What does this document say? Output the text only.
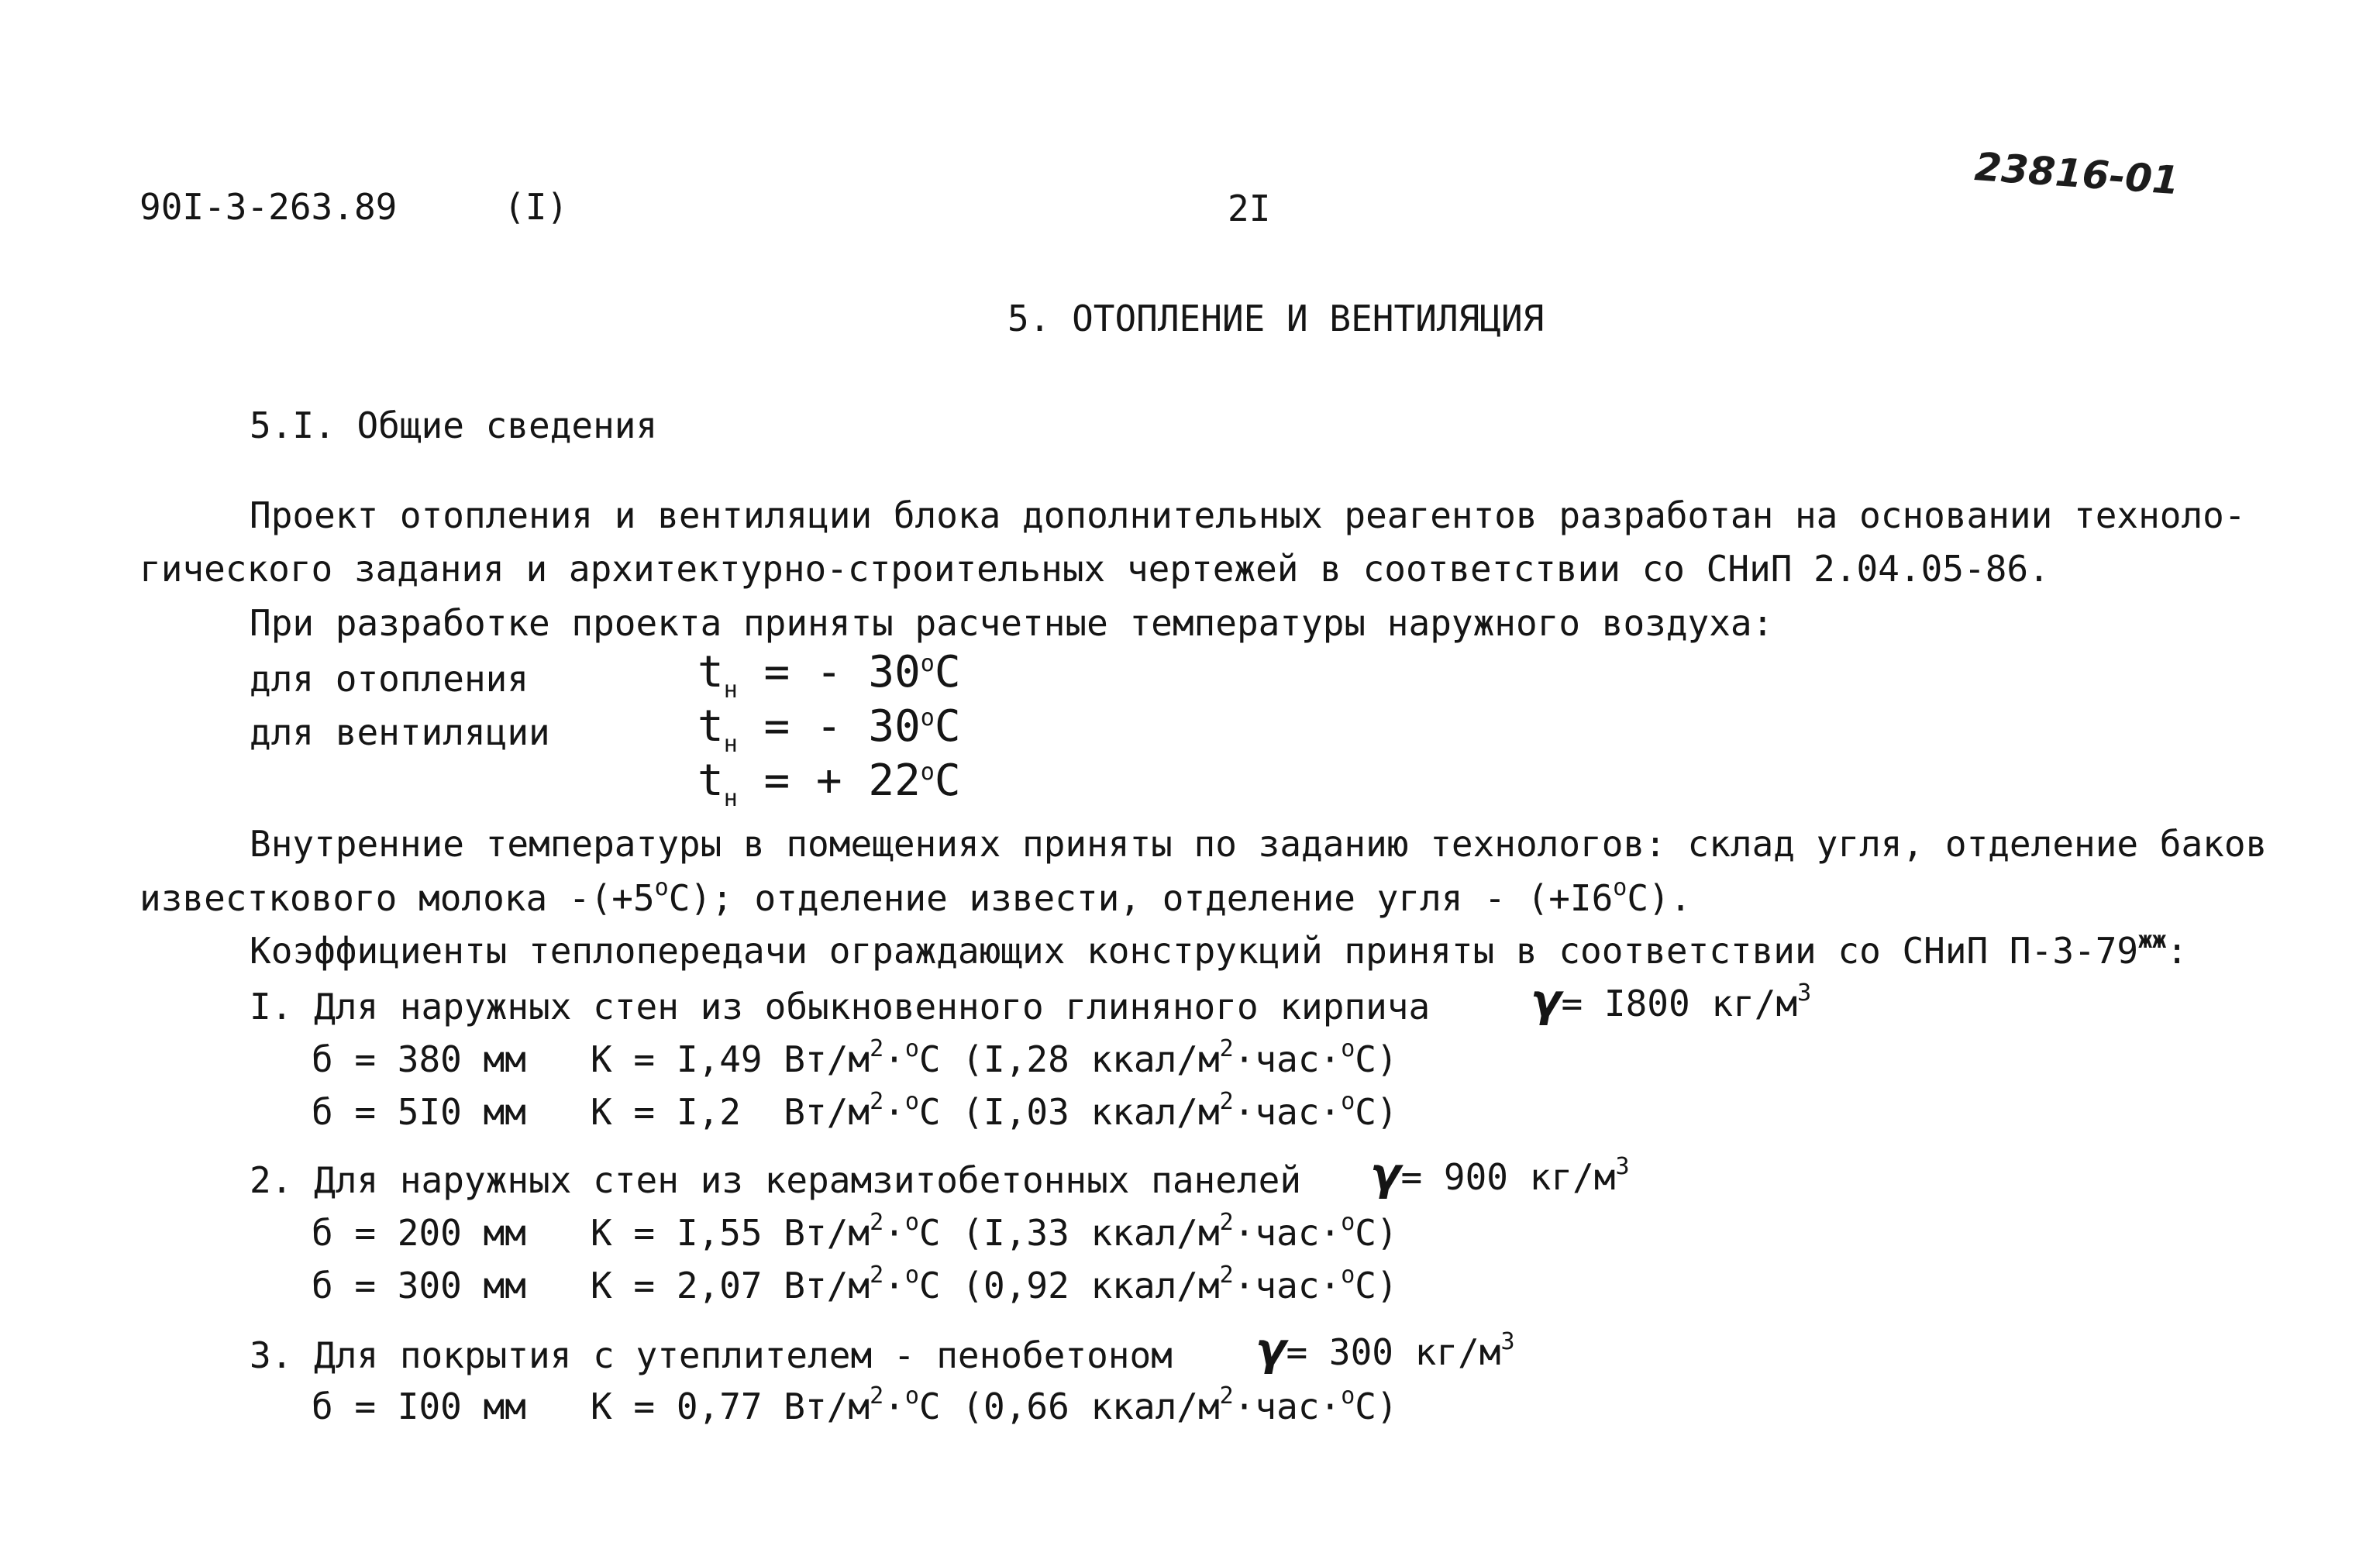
90I-3-263.89	(I)	2I
23816-01
5. ОТОПЛЕНИЕ И ВЕНТИЛЯЦИЯ
5.I. Общие сведения
Проект отопления и вентиляции блока дополнительных реагентов разработан на основании техноло-
гического задания и архитектурно-строительных чертежей в соответствии со СНиП 2.04.05-86.
При разработке проекта приняты расчетные температуры наружного воздуха:
для отопления	$t_н$ = - 30$^o$C
для вентиляции	$t_н$ = - 30$^o$C
$t_н$ = + $22^oC$
Внутренние температуры в помещениях приняты по заданию технологов: склад угля, отделение баков
известкового молока $-(+5^oC)$; отделение извести, отделение угля - $(+I6^oC)$.
Коэффициенты теплопередачи ограждающих конструкций приняты в соответствии со СНиП $П-3-79^{жж}$:
I. Для наружных стен из обыкновенного глиняного кирпича γ= I800 $кг/м^3$
б = 380 мм К = I,49 $Вт/м^2\cdot^oC$ (I,28 ккал/$м^2\cdot час\cdot^oC$)
б = 5I0 мм К = I,2  $Вт/м^2\cdot^oC$ (I,03 ккал/$м^2\cdot час\cdot^oC$)
2. Для наружных стен из керамзитобетонных панелей γ= 900 $кг/м^3$
б = 200 мм К = I,55 $Вт/м^2\cdot^oC$ (I,33 ккал/$м^2\cdot час\cdot^oC$)
б = 300 мм К = 2,07 $Вт/м^2\cdot^oC$ (0,92 ккал/$м^2\cdot час\cdot^oC$)
3. Для покрытия с утеплителем - пенобетоном γ= 300 $кг/м^3$
б = I00 мм К = 0,77 $Вт/м^2\cdot^oC$ (0,66 ккал/$м^2\cdot час\cdot^oC$)
